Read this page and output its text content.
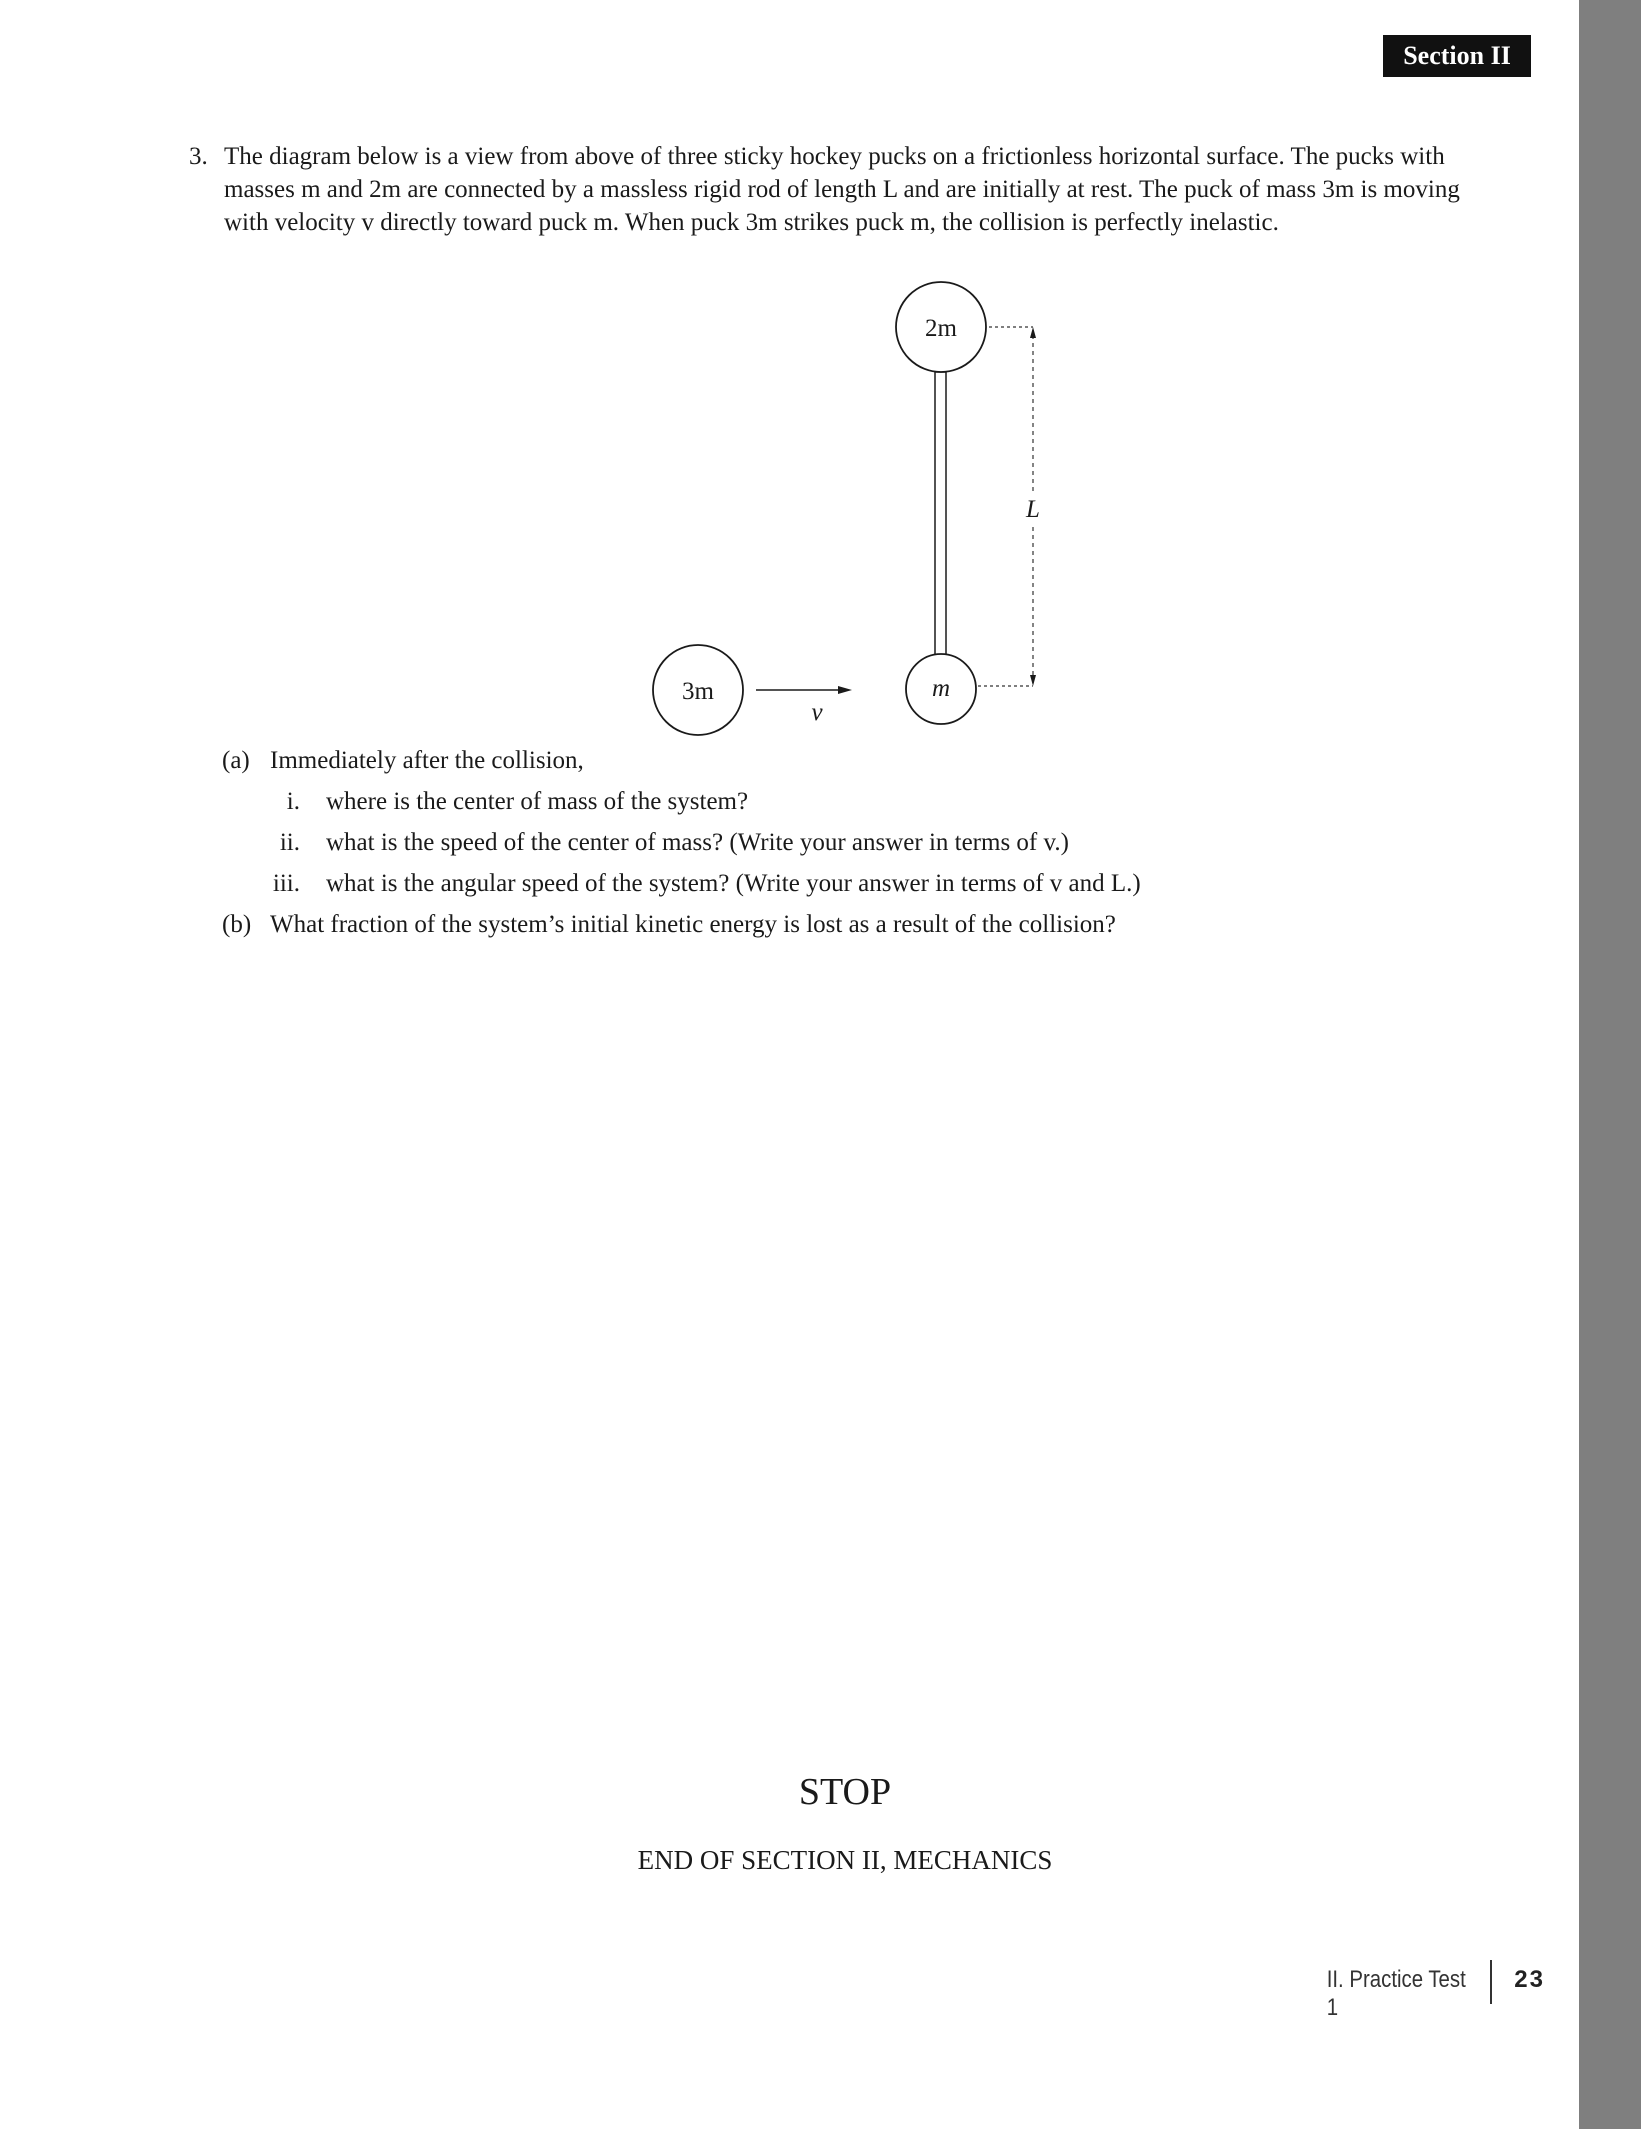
Section II
3. The diagram below is a view from above of three sticky hockey pucks on a frictionless horizontal surface. The pucks with
masses m and 2m are connected by a massless rigid rod of length L and are initially at rest. The puck of mass 3m is moving
with velocity v directly toward puck m. When puck 3m strikes puck m, the collision is perfectly inelastic.
2m
m
3m
v
L
(a) Immediately after the collision,
i. where is the center of mass of the system?
ii. what is the speed of the center of mass? (Write your answer in terms of v.)
iii. what is the angular speed of the system? (Write your answer in terms of v and L.)
(b) What fraction of the system’s initial kinetic energy is lost as a result of the collision?
STOP
END OF SECTION II, MECHANICS
II. Practice Test 1
23
